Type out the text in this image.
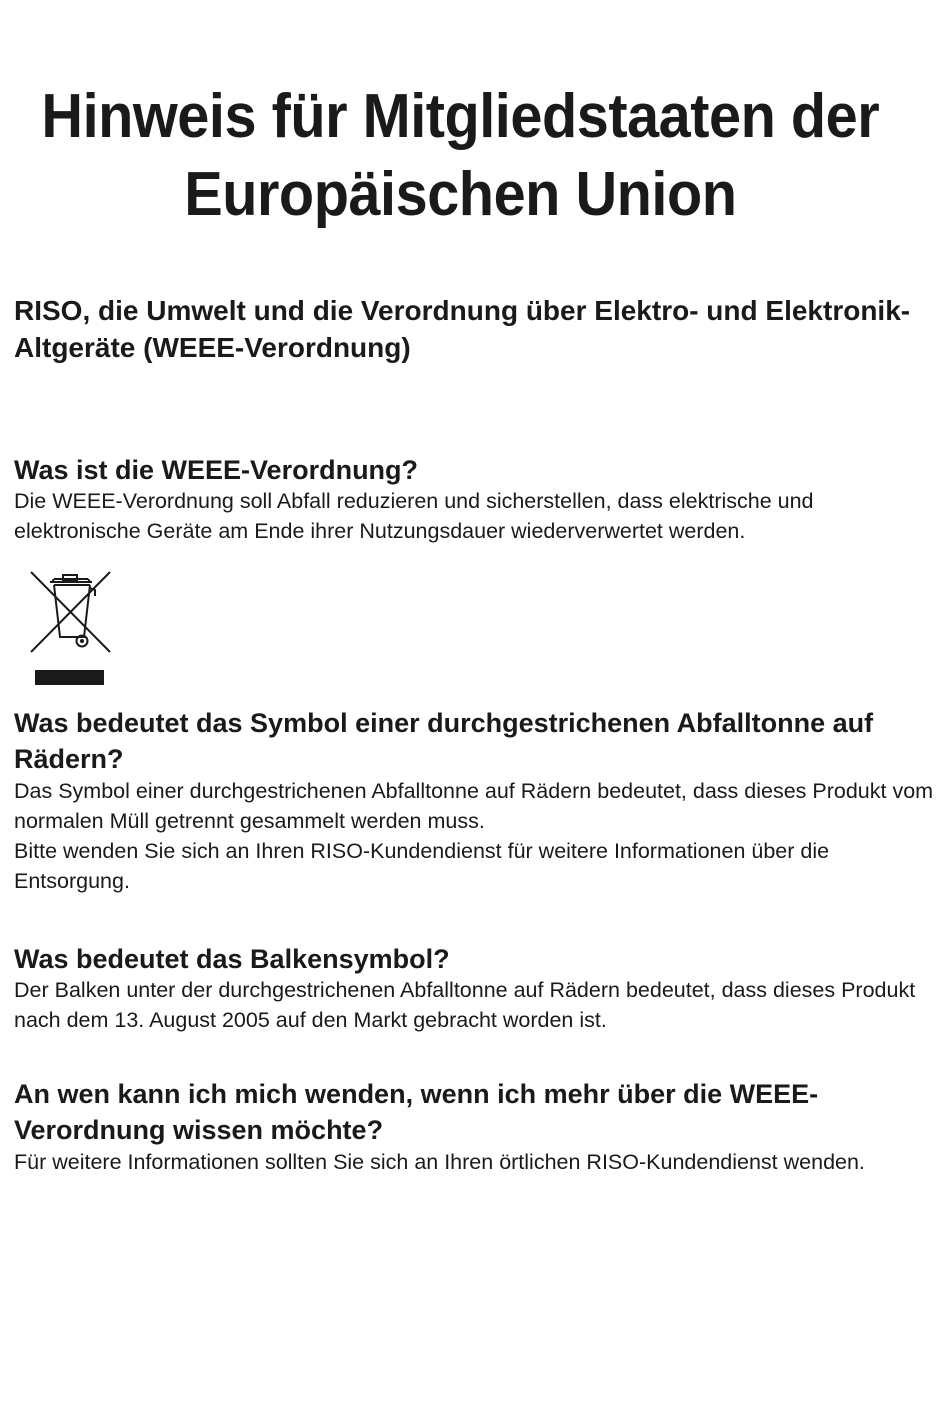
Hinweis für Mitgliedstaaten der
Europäischen Union
RISO, die Umwelt und die Verordnung über Elektro- und Elektronik-Altgeräte (WEEE-Verordnung)
Was ist die WEEE-Verordnung?

Die WEEE-Verordnung soll Abfall reduzieren und sicherstellen, dass elektrische und elektronische Geräte am Ende ihrer Nutzungsdauer wiederverwertet werden.

Was bedeutet das Symbol einer durchgestrichenen Abfalltonne auf Rädern?

Das Symbol einer durchgestrichenen Abfalltonne auf Rädern bedeutet, dass dieses Produkt vom normalen Müll getrennt gesammelt werden muss.
Bitte wenden Sie sich an Ihren RISO-Kundendienst für weitere Informationen über die Entsorgung.

Was bedeutet das Balkensymbol?

Der Balken unter der durchgestrichenen Abfalltonne auf Rädern bedeutet, dass dieses Produkt nach dem 13. August 2005 auf den Markt gebracht worden ist.

An wen kann ich mich wenden, wenn ich mehr über die WEEE-Verordnung wissen möchte?

Für weitere Informationen sollten Sie sich an Ihren örtlichen RISO-Kundendienst wenden.
